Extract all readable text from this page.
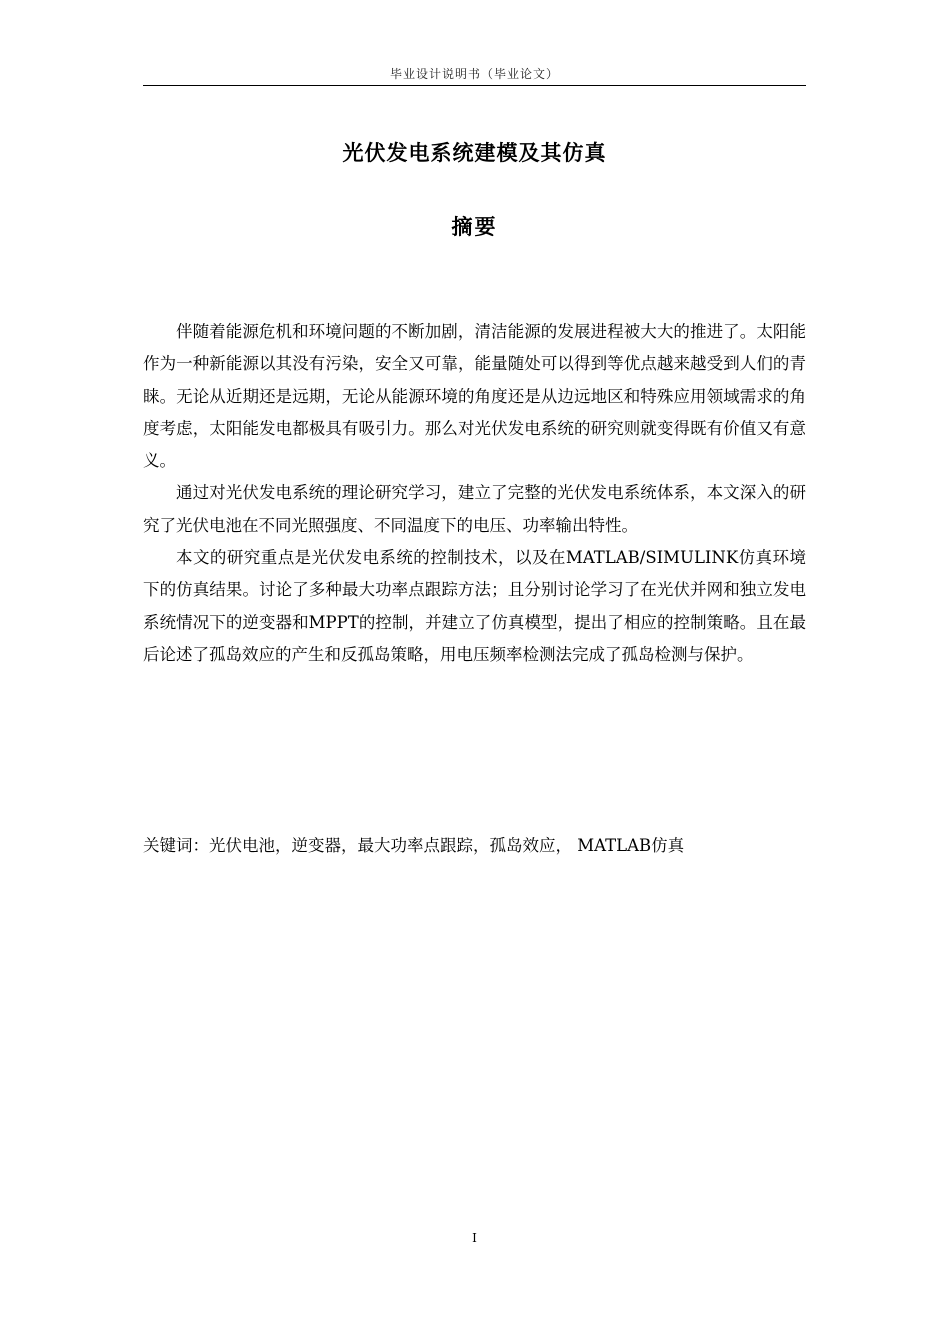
毕业设计说明书（毕业论文）
光伏发电系统建模及其仿真
摘要

伴随着能源危机和环境问题的不断加剧，清洁能源的发展进程被大大的推进了。太阳能作为一种新能源以其没有污染，安全又可靠，能量随处可以得到等优点越来越受到人们的青睐。无论从近期还是远期，无论从能源环境的角度还是从边远地区和特殊应用领域需求的角度考虑，太阳能发电都极具有吸引力。那么对光伏发电系统的研究则就变得既有价值又有意义。

通过对光伏发电系统的理论研究学习，建立了完整的光伏发电系统体系，本文深入的研究了光伏电池在不同光照强度、不同温度下的电压、功率输出特性。

本文的研究重点是光伏发电系统的控制技术，以及在MATLAB/SIMULINK仿真环境下的仿真结果。讨论了多种最大功率点跟踪方法；且分别讨论学习了在光伏并网和独立发电系统情况下的逆变器和MPPT的控制，并建立了仿真模型，提出了相应的控制策略。且在最后论述了孤岛效应的产生和反孤岛策略，用电压频率检测法完成了孤岛检测与保护。

关键词：光伏电池，逆变器，最大功率点跟踪，孤岛效应， MATLAB仿真
I
